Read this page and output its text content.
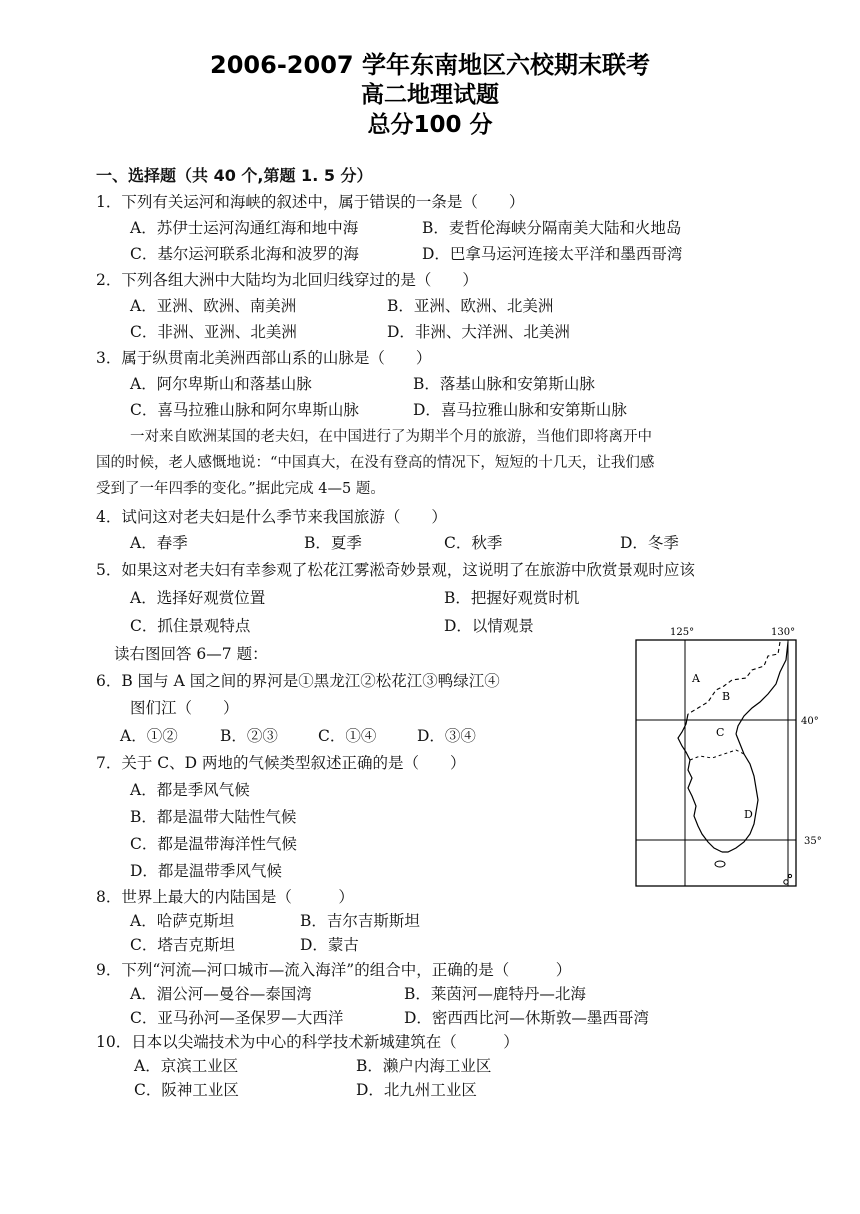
2006-2007 学年东南地区六校期末联考
高二地理试题
总分100 分
一、选择题（共 40 个,第题 1. 5 分）
1．下列有关运河和海峡的叙述中，属于错误的一条是（　　）
A．苏伊士运河沟通红海和地中海	B．麦哲伦海峡分隔南美大陆和火地岛
C．基尔运河联系北海和波罗的海	D．巴拿马运河连接太平洋和墨西哥湾
2．下列各组大洲中大陆均为北回归线穿过的是（　　）
A．亚洲、欧洲、南美洲	B．亚洲、欧洲、北美洲
C．非洲、亚洲、北美洲	D．非洲、大洋洲、北美洲
3．属于纵贯南北美洲西部山系的山脉是（　　）
A．阿尔卑斯山和落基山脉	B．落基山脉和安第斯山脉
C．喜马拉雅山脉和阿尔卑斯山脉	D．喜马拉雅山脉和安第斯山脉
一对来自欧洲某国的老夫妇，在中国进行了为期半个月的旅游，当他们即将离开中
国的时候，老人感慨地说：“中国真大，在没有登高的情况下，短短的十几天，让我们感
受到了一年四季的变化。”据此完成 4—5 题。
4．试问这对老夫妇是什么季节来我国旅游（　　）
A．春季	B．夏季	C．秋季	D．冬季
5．如果这对老夫妇有幸参观了松花江雾淞奇妙景观，这说明了在旅游中欣赏景观时应该
A．选择好观赏位置	B．把握好观赏时机
C．抓住景观特点	D．以情观景
读右图回答 6—7 题：
6．B 国与 A 国之间的界河是①黑龙江②松花江③鸭绿江④
图们江（　　）
A．①②	B．②③	C．①④	D．③④
7．关于 C、D 两地的气候类型叙述正确的是（　　）
A．都是季风气候
B．都是温带大陆性气候
C．都是温带海洋性气候
D．都是温带季风气候
8．世界上最大的内陆国是（　　　）
A．哈萨克斯坦	B．吉尔吉斯斯坦
C．塔吉克斯坦	D．蒙古
9．下列“河流—河口城市—流入海洋”的组合中，正确的是（　　　）
A．湄公河—曼谷—泰国湾	B．莱茵河—鹿特丹—北海
C．亚马孙河—圣保罗—大西洋	D．密西西比河—休斯敦—墨西哥湾
10．日本以尖端技术为中心的科学技术新城建筑在（　　　）
A．京滨工业区	B．濑户内海工业区
C．阪神工业区	D．北九州工业区
125°	130°
40°
35°
A
B
C
D
